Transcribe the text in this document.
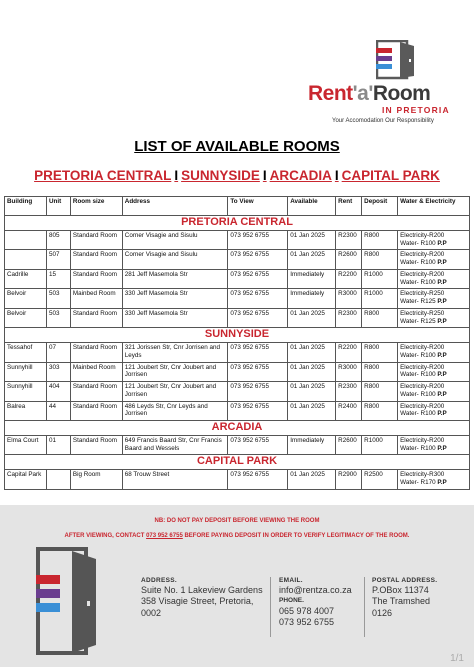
Rent'a'Room
IN PRETORIA
Your Accomodation Our Responsibility
LIST OF AVAILABLE ROOMS
PRETORIA CENTRAL I SUNNYSIDE I ARCADIA I CAPITAL PARK
Building	Unit	Room size	Address	To View	Available	Rent	Deposit	Water & Electricity
PRETORIA CENTRAL								
	805	Standard Room	Corner Visagie and Sisulu	073 952 6755	01 Jan 2025	R2300	R800	Electricity-R200
Water- R100 P.P

	507	Standard Room	Corner Visagie and Sisulu	073 952 6755	01 Jan 2025	R2600	R800	Electricity-R200
Water- R100 P.P

Cadrille	15	Standard Room	281 Jeff Masemola Str	073 952 6755	Immediately	R2200	R1000	Electricity-R200
Water- R100 P.P

Belvoir	503	Mainbed Room	330 Jeff Masemola Str	073 952 6755	Immediately	R3000	R1000	Electricity-R250
Water- R125 P.P

Belvoir	503	Standard Room	330 Jeff Masemola Str	073 952 6755	01 Jan 2025	R2300	R800	Electricity-R250
Water- R125 P.P

SUNNYSIDE								
Tessahof	07	Standard Room	321 Jorissen Str, Cnr Jorrisen and Leyds	073 952 6755	01 Jan 2025	R2200	R800	Electricity-R200
Water- R100 P.P

Sunnyhill	303	Mainbed Room	121 Joubert Str, Cnr Joubert and Jorrisen	073 952 6755	01 Jan 2025	R3000	R800	Electricity-R200
Water- R100 P.P

Sunnyhill	404	Standard Room	121 Joubert Str, Cnr Joubert and Jorrisen	073 952 6755	01 Jan 2025	R2300	R800	Electricity-R200
Water- R100 P.P

Balrea	44	Standard Room	486 Leyds Str, Cnr Leyds and Jorrisen	073 952 6755	01 Jan 2025	R2400	R800	Electricity-R200
Water- R100 P.P

ARCADIA								
Elma Court	01	Standard Room	649 Francis Baard Str, Cnr Francis Baard and Wessels	073 952 6755	Immediately	R2600	R1000	Electricity-R200
Water- R100 P.P

CAPITAL PARK								
Capital Park		Big Room	68 Trouw Street	073 952 6755	01 Jan 2025	R2900	R2500	Electricity-R300
Water- R170 P.P
NB: DO NOT PAY DEPOSIT BEFORE VIEWING THE ROOM
AFTER VIEWING, CONTACT 073 952 6755 BEFORE PAYING DEPOSIT IN ORDER TO VERIFY LEGITIMACY OF THE ROOM.
ADDRESS.
Suite No. 1 Lakeview Gardens
358 Visagie Street, Pretoria,
0002
EMAIL.
info@rentza.co.za
PHONE.
065 978 4007
073 952 6755
POSTAL ADDRESS.
P.OBox 11374
The Tramshed
0126
1/1
